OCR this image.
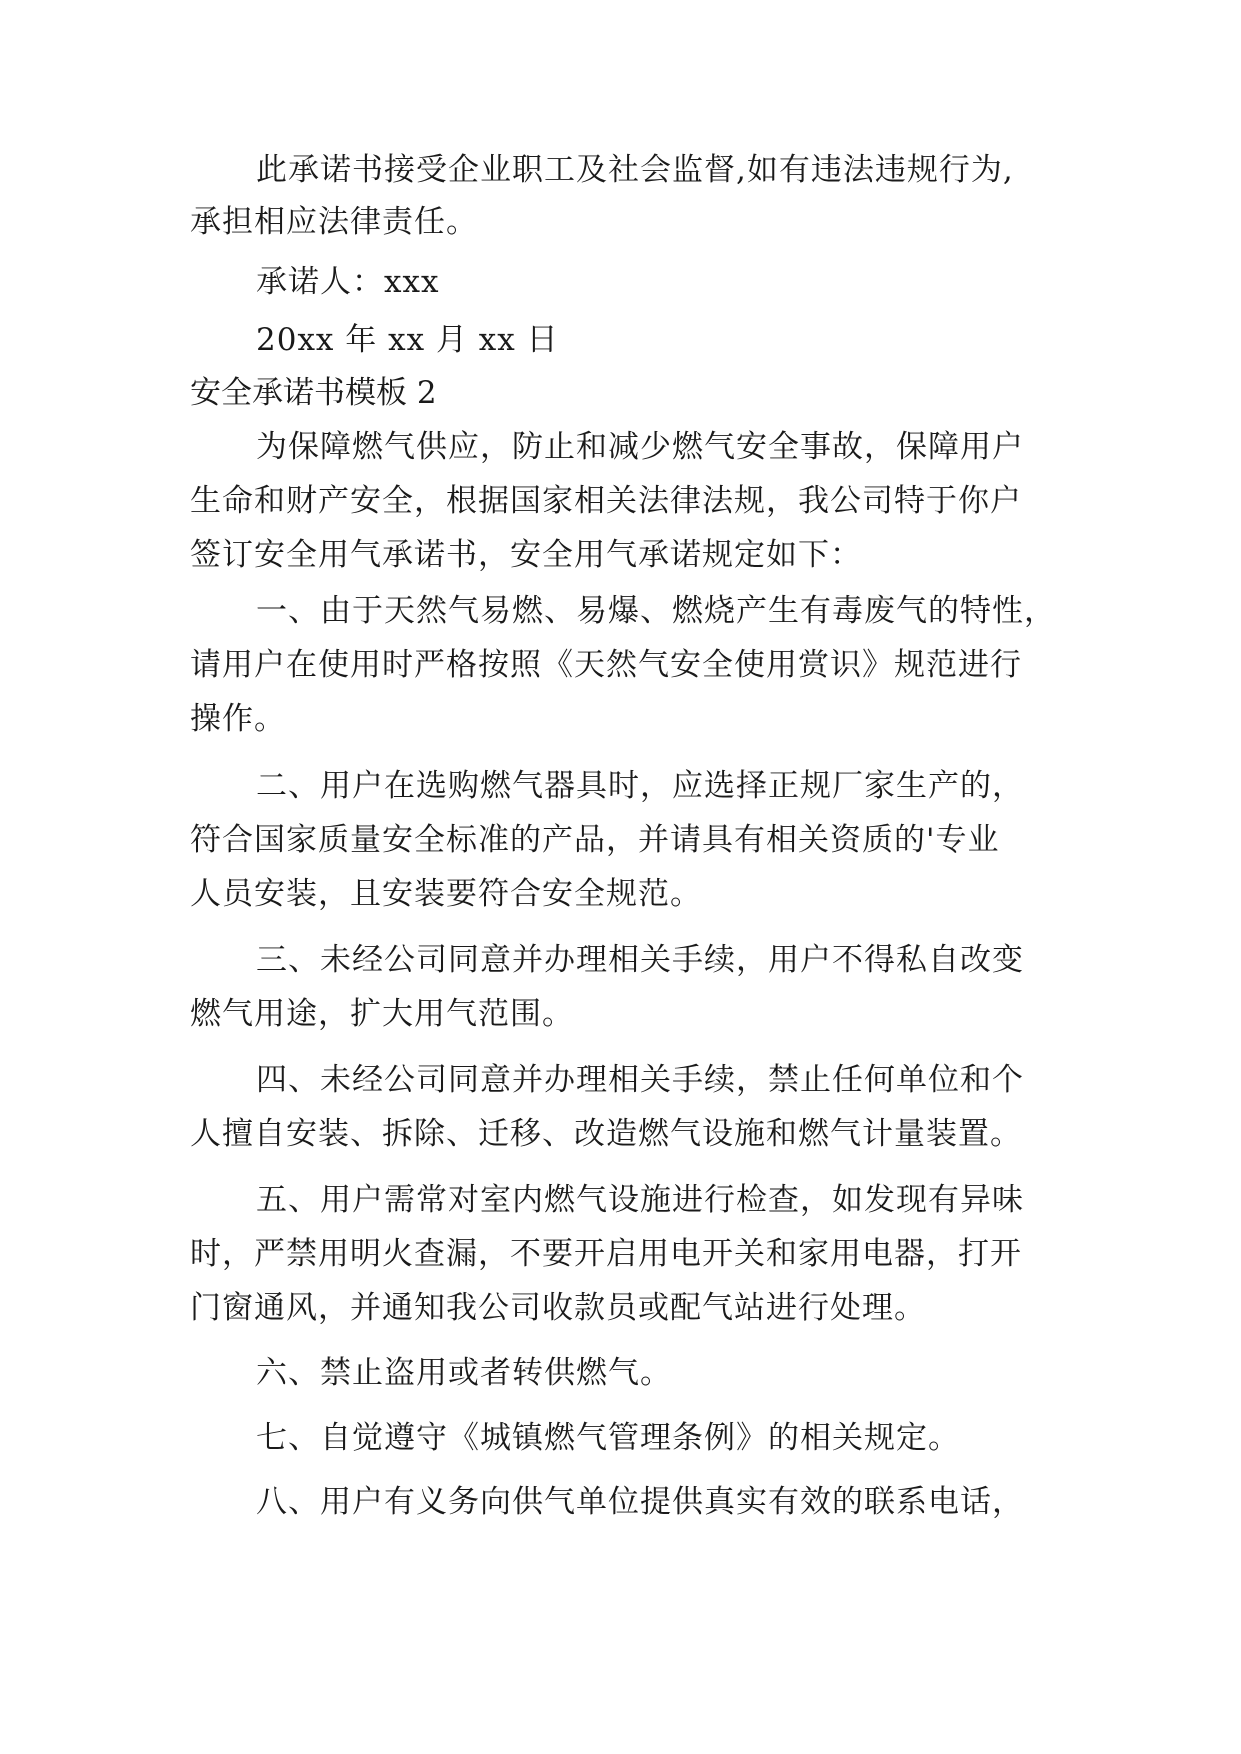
此承诺书接受企业职工及社会监督,如有违法违规行为,
承担相应法律责任。
承诺人：xxx
20xx 年 xx 月 xx 日
安全承诺书模板 2
为保障燃气供应，防止和减少燃气安全事故，保障用户
生命和财产安全，根据国家相关法律法规，我公司特于你户
签订安全用气承诺书，安全用气承诺规定如下：
一、由于天然气易燃、易爆、燃烧产生有毒废气的特性，
请用户在使用时严格按照《天然气安全使用赏识》规范进行
操作。
二、用户在选购燃气器具时，应选择正规厂家生产的，
符合国家质量安全标准的产品，并请具有相关资质的'专业
人员安装，且安装要符合安全规范。
三、未经公司同意并办理相关手续，用户不得私自改变
燃气用途，扩大用气范围。
四、未经公司同意并办理相关手续，禁止任何单位和个
人擅自安装、拆除、迁移、改造燃气设施和燃气计量装置。
五、用户需常对室内燃气设施进行检查，如发现有异味
时，严禁用明火查漏，不要开启用电开关和家用电器，打开
门窗通风，并通知我公司收款员或配气站进行处理。
六、禁止盗用或者转供燃气。
七、自觉遵守《城镇燃气管理条例》的相关规定。
八、用户有义务向供气单位提供真实有效的联系电话，
